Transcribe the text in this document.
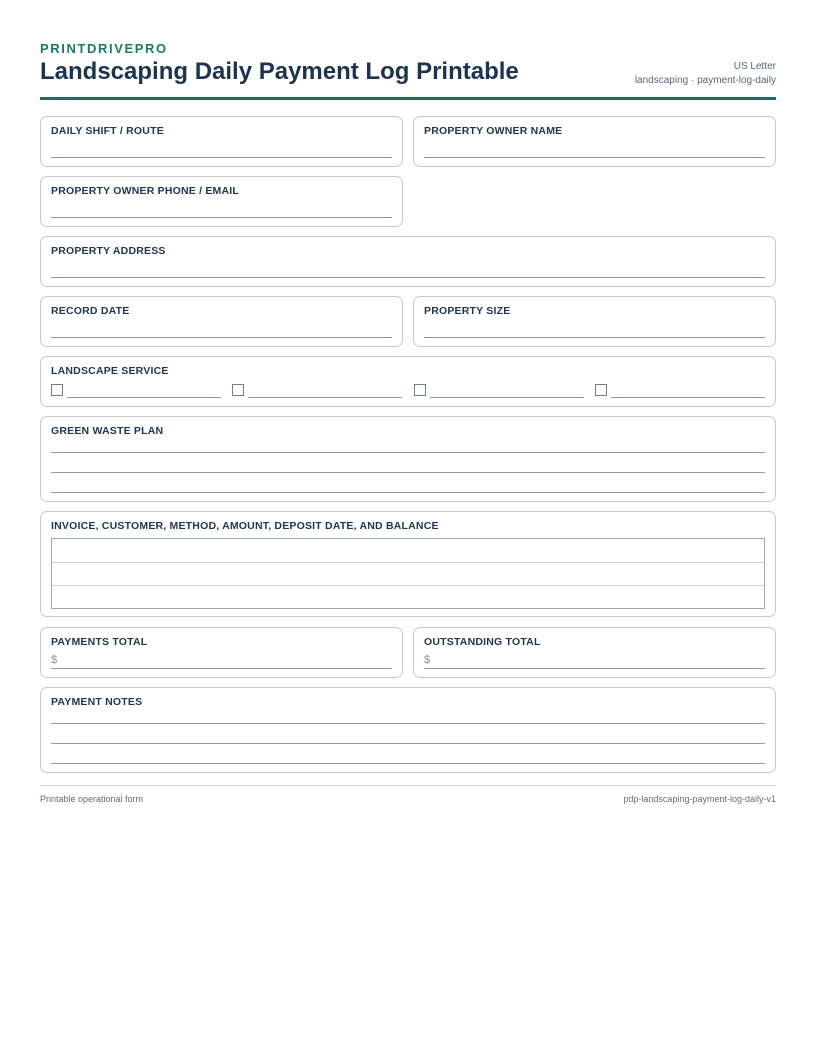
PRINTDRIVEPRO
Landscaping Daily Payment Log Printable	US Letter
landscaping · payment-log-daily
DAILY SHIFT / ROUTE	PROPERTY OWNER NAME
PROPERTY OWNER PHONE / EMAIL
PROPERTY ADDRESS
RECORD DATE	PROPERTY SIZE
LANDSCAPE SERVICE
GREEN WASTE PLAN
INVOICE, CUSTOMER, METHOD, AMOUNT, DEPOSIT DATE, AND BALANCE
PAYMENTS TOTAL
$
OUTSTANDING TOTAL
$
PAYMENT NOTES
Printable operational form	pdp-landscaping-payment-log-daily-v1
